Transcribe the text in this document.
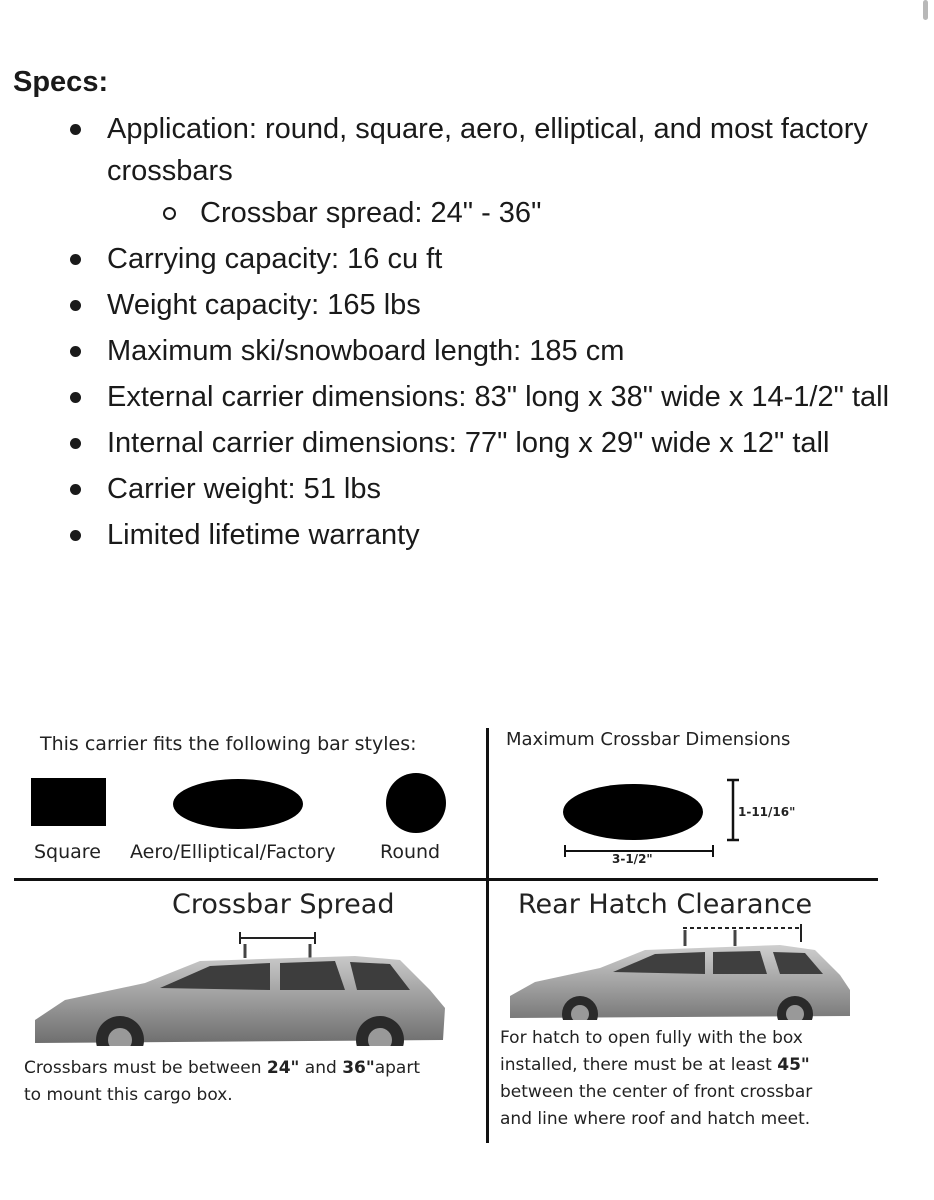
Specs:
Application: round, square, aero, elliptical, and most factory crossbars
Crossbar spread: 24" - 36"
Carrying capacity: 16 cu ft
Weight capacity: 165 lbs
Maximum ski/snowboard length: 185 cm
External carrier dimensions: 83" long x 38" wide x 14-1/2" tall
Internal carrier dimensions: 77" long x 29" wide x 12" tall
Carrier weight: 51 lbs
Limited lifetime warranty
This carrier fits the following bar styles:
Square Aero/Elliptical/Factory Round
Maximum Crossbar Dimensions
1-11/16"
3-1/2"
Crossbar Spread
Crossbars must be between 24" and 36"apart
to mount this cargo box.
Rear Hatch Clearance
For hatch to open fully with the box
installed, there must be at least 45"
between the center of front crossbar
and line where roof and hatch meet.
